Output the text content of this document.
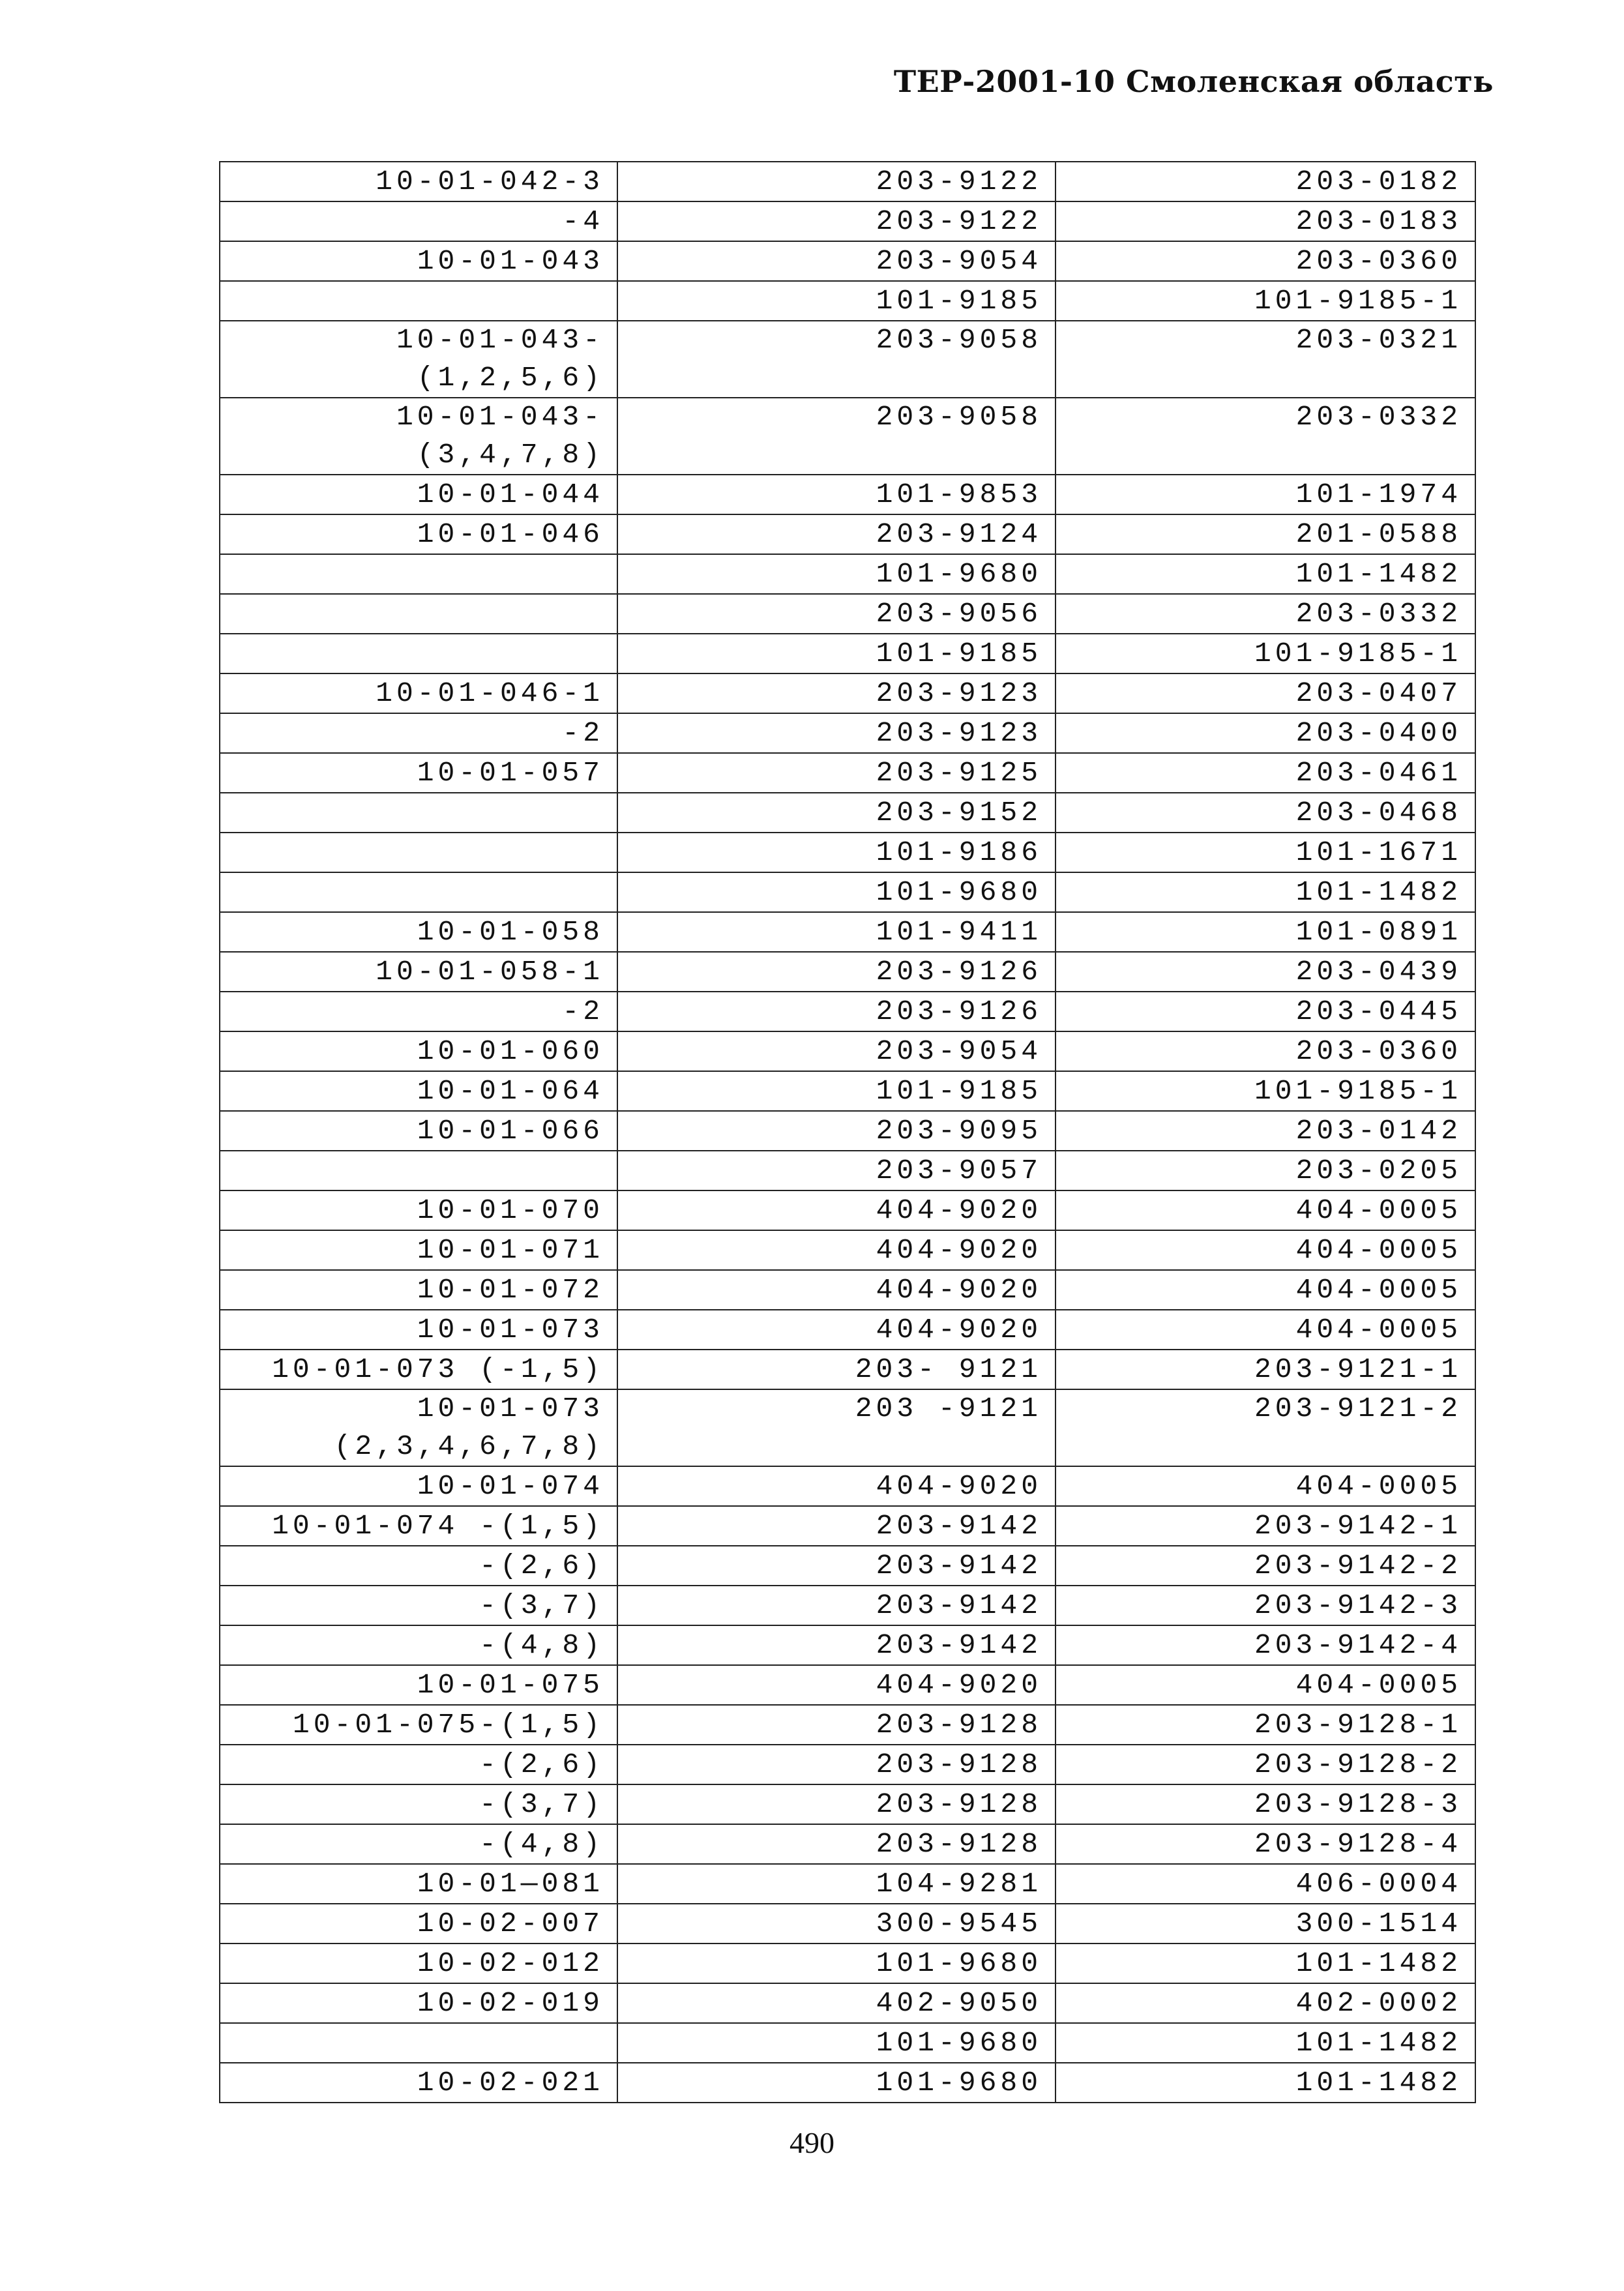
ТЕР-2001-10 Смоленская область
10-01-042-3	203-9122	203-0182
-4	203-9122	203-0183
10-01-043	203-9054	203-0360
	101-9185	101-9185-1

10-01-043-
(1,2,5,6)	203-9058	203-0321

10-01-043-
(3,4,7,8)	203-9058	203-0332
10-01-044	101-9853	101-1974
10-01-046	203-9124	201-0588
	101-9680	101-1482
	203-9056	203-0332
	101-9185	101-9185-1
10-01-046-1	203-9123	203-0407
-2	203-9123	203-0400
10-01-057	203-9125	203-0461
	203-9152	203-0468
	101-9186	101-1671
	101-9680	101-1482
10-01-058	101-9411	101-0891
10-01-058-1	203-9126	203-0439
-2	203-9126	203-0445
10-01-060	203-9054	203-0360
10-01-064	101-9185	101-9185-1
10-01-066	203-9095	203-0142
	203-9057	203-0205
10-01-070	404-9020	404-0005
10-01-071	404-9020	404-0005
10-01-072	404-9020	404-0005
10-01-073	404-9020	404-0005
10-01-073 (-1,5)	203- 9121	203-9121-1

10-01-073
(2,3,4,6,7,8)	203 -9121	203-9121-2
10-01-074	404-9020	404-0005
10-01-074 -(1,5)	203-9142	203-9142-1
-(2,6)	203-9142	203-9142-2
-(3,7)	203-9142	203-9142-3
-(4,8)	203-9142	203-9142-4
10-01-075	404-9020	404-0005
10-01-075-(1,5)	203-9128	203-9128-1
-(2,6)	203-9128	203-9128-2
-(3,7)	203-9128	203-9128-3
-(4,8)	203-9128	203-9128-4
10-01—081	104-9281	406-0004
10-02-007	300-9545	300-1514
10-02-012	101-9680	101-1482
10-02-019	402-9050	402-0002
	101-9680	101-1482
10-02-021	101-9680	101-1482
490
